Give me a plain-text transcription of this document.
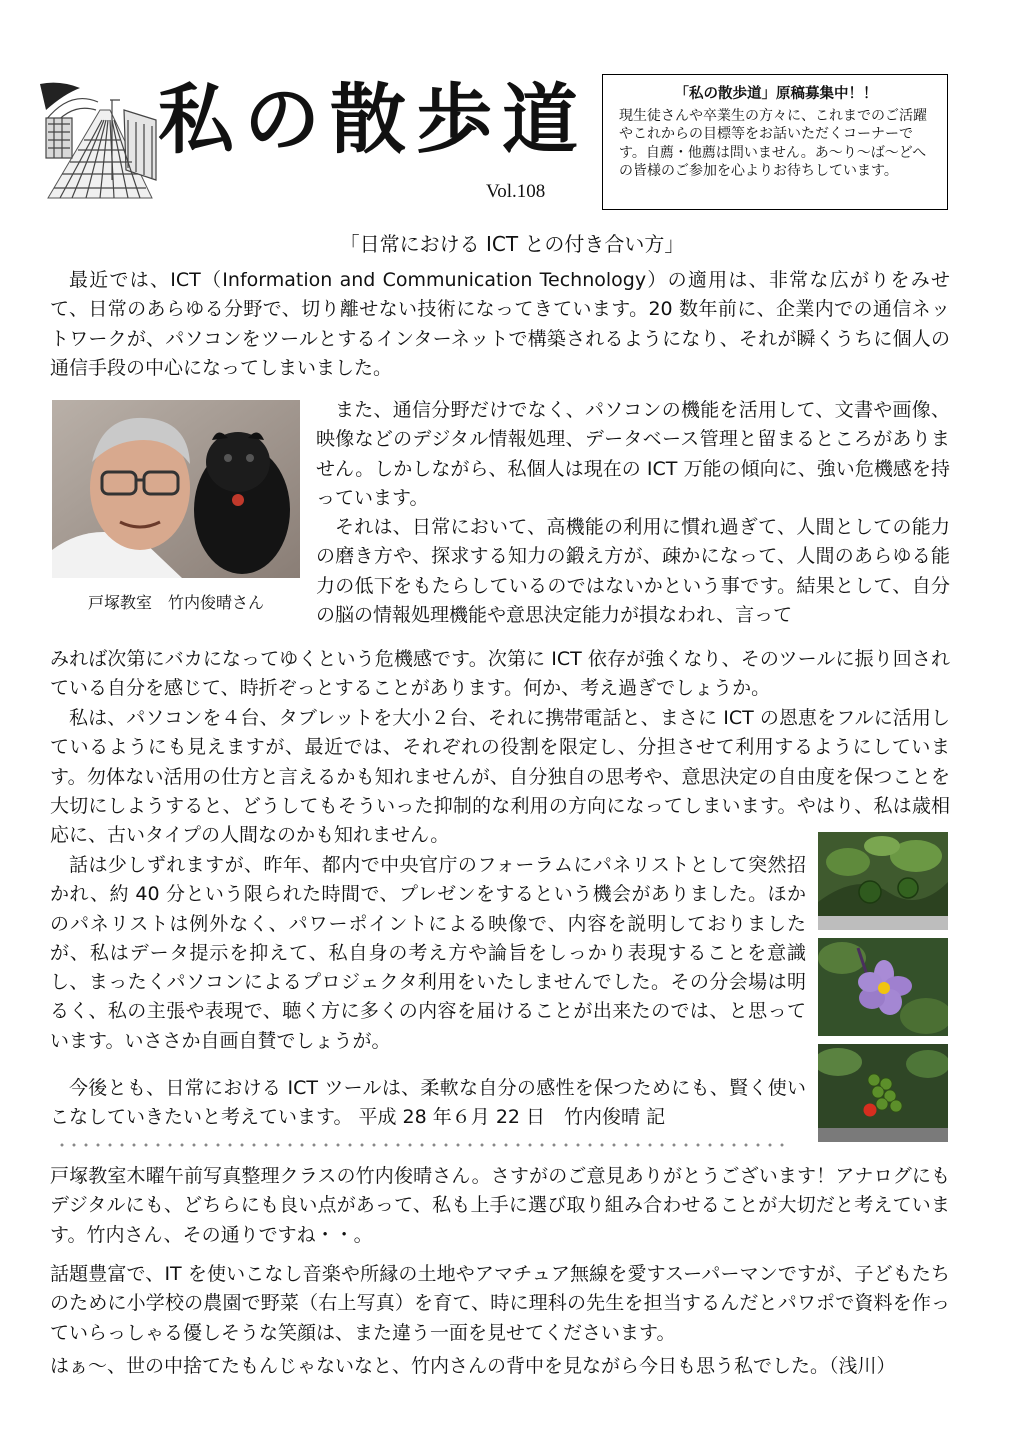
私の散歩道
Vol.108
「私の散歩道」原稿募集中！！
現生徒さんや卒業生の方々に、これまでのご活躍やこれからの目標等をお話いただくコーナーです。自薦・他薦は問いません。あ～り～ば～どへの皆様のご参加を心よりお待ちしています。
「日常における ICT との付き合い方」

最近では、ICT（Information and Communication Technology）の適用は、非常な広がりをみせて、日常のあらゆる分野で、切り離せない技術になってきています。20 数年前に、企業内での通信ネットワークが、パソコンをツールとするインターネットで構築されるようになり、それが瞬くうちに個人の通信手段の中心になってしまいました。

戸塚教室　竹内俊晴さん

また、通信分野だけでなく、パソコンの機能を活用して、文書や画像、映像などのデジタル情報処理、データベース管理と留まるところがありません。しかしながら、私個人は現在の ICT 万能の傾向に、強い危機感を持っています。

それは、日常において、高機能の利用に慣れ過ぎて、人間としての能力の磨き方や、探求する知力の鍛え方が、疎かになって、人間のあらゆる能力の低下をもたらしているのではないかという事です。結果として、自分の脳の情報処理機能や意思決定能力が損なわれ、言って

みれば次第にバカになってゆくという危機感です。次第に ICT 依存が強くなり、そのツールに振り回されている自分を感じて、時折ぞっとすることがあります。何か、考え過ぎでしょうか。

私は、パソコンを４台、タブレットを大小２台、それに携帯電話と、まさに ICT の恩恵をフルに活用しているようにも見えますが、最近では、それぞれの役割を限定し、分担させて利用するようにしています。勿体ない活用の仕方と言えるかも知れませんが、自分独自の思考や、意思決定の自由度を保つことを大切にしようすると、どうしてもそういった抑制的な利用の方向になってしまいます。やはり、私は歳相応に、古いタイプの人間なのかも知れません。

話は少しずれますが、昨年、都内で中央官庁のフォーラムにパネリストとして突然招かれ、約 40 分という限られた時間で、プレゼンをするという機会がありました。ほかのパネリストは例外なく、パワーポイントによる映像で、内容を説明しておりましたが、私はデータ提示を抑えて、私自身の考え方や論旨をしっかり表現することを意識し、まったくパソコンによるプロジェクタ利用をいたしませんでした。その分会場は明るく、私の主張や表現で、聴く方に多くの内容を届けることが出来たのでは、と思っています。いささか自画自賛でしょうが。

今後とも、日常における ICT ツールは、柔軟な自分の感性を保つためにも、賢く使いこなしていきたいと考えています。 平成 28 年６月 22 日　竹内俊晴 記

戸塚教室木曜午前写真整理クラスの竹内俊晴さん。さすがのご意見ありがとうございます！アナログにもデジタルにも、どちらにも良い点があって、私も上手に選び取り組み合わせることが大切だと考えています。竹内さん、その通りですね・・。

話題豊富で、IT を使いこなし音楽や所縁の土地やアマチュア無線を愛すスーパーマンですが、子どもたちのために小学校の農園で野菜（右上写真）を育て、時に理科の先生を担当するんだとパワポで資料を作っていらっしゃる優しそうな笑顔は、また違う一面を見せてくださいます。

はぁ～、世の中捨てたもんじゃないなと、竹内さんの背中を見ながら今日も思う私でした。（浅川）
